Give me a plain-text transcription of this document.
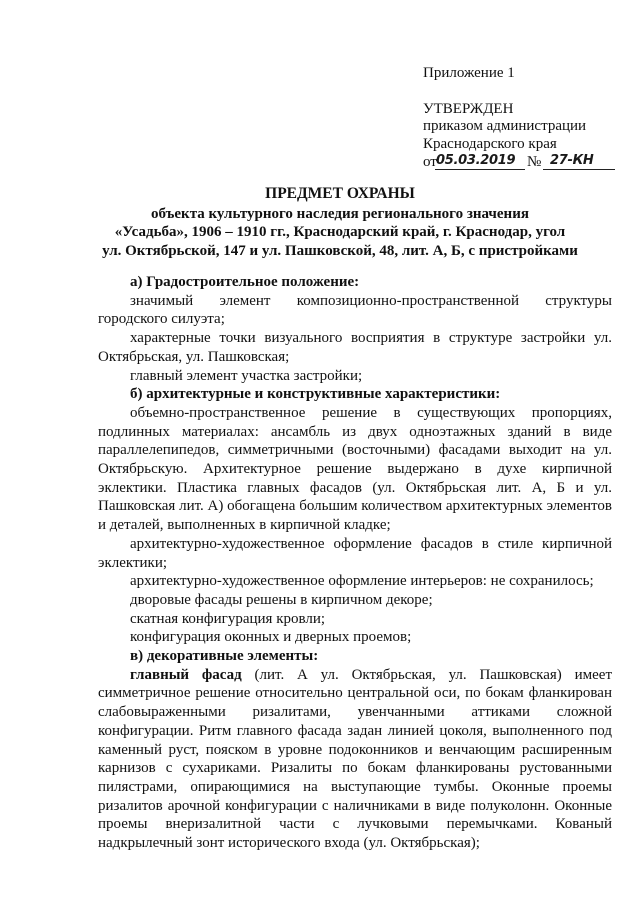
Приложение 1
УТВЕРЖДЕН
приказом администрации
Краснодарского края
от 05.03.2019 № 27-КН
ПРЕДМЕТ ОХРАНЫ
объекта культурного наследия регионального значения
«Усадьба», 1906 – 1910 гг., Краснодарский край, г. Краснодар, угол
ул. Октябрьской, 147 и ул. Пашковской, 48, лит. А, Б, с пристройками

а) Градостроительное положение:

значимый элемент композиционно-пространственной структуры городского силуэта;

характерные точки визуального восприятия в структуре застройки ул. Октябрьская, ул. Пашковская;

главный элемент участка застройки;

б) архитектурные и конструктивные характеристики:

объемно-пространственное решение в существующих пропорциях, подлинных материалах: ансамбль из двух одноэтажных зданий в виде параллелепипедов, симметричными (восточными) фасадами выходит на ул. Октябрьскую. Архитектурное решение выдержано в духе кирпичной эклектики. Пластика главных фасадов (ул. Октябрьская лит. А, Б и ул. Пашковская лит. А) обогащена большим количеством архитектурных элементов и деталей, выполненных в кирпичной кладке;

архитектурно-художественное оформление фасадов в стиле кирпичной эклектики;

архитектурно-художественное оформление интерьеров: не сохранилось;

дворовые фасады решены в кирпичном декоре;

скатная конфигурация кровли;

конфигурация оконных и дверных проемов;

в) декоративные элементы:

главный фасад (лит. А ул. Октябрьская, ул. Пашковская) имеет симметричное решение относительно центральной оси, по бокам фланкирован слабовыраженными ризалитами, увенчанными аттиками сложной конфигурации. Ритм главного фасада задан линией цоколя, выполненного под каменный руст, пояском в уровне подоконников и венчающим расширенным карнизов с сухариками. Ризалиты по бокам фланкированы рустованными пилястрами, опирающимися на выступающие тумбы. Оконные проемы ризалитов арочной конфигурации с наличниками в виде полуколонн. Оконные проемы внеризалитной части с лучковыми перемычками. Кованый надкрылечный зонт исторического входа (ул. Октябрьская);
